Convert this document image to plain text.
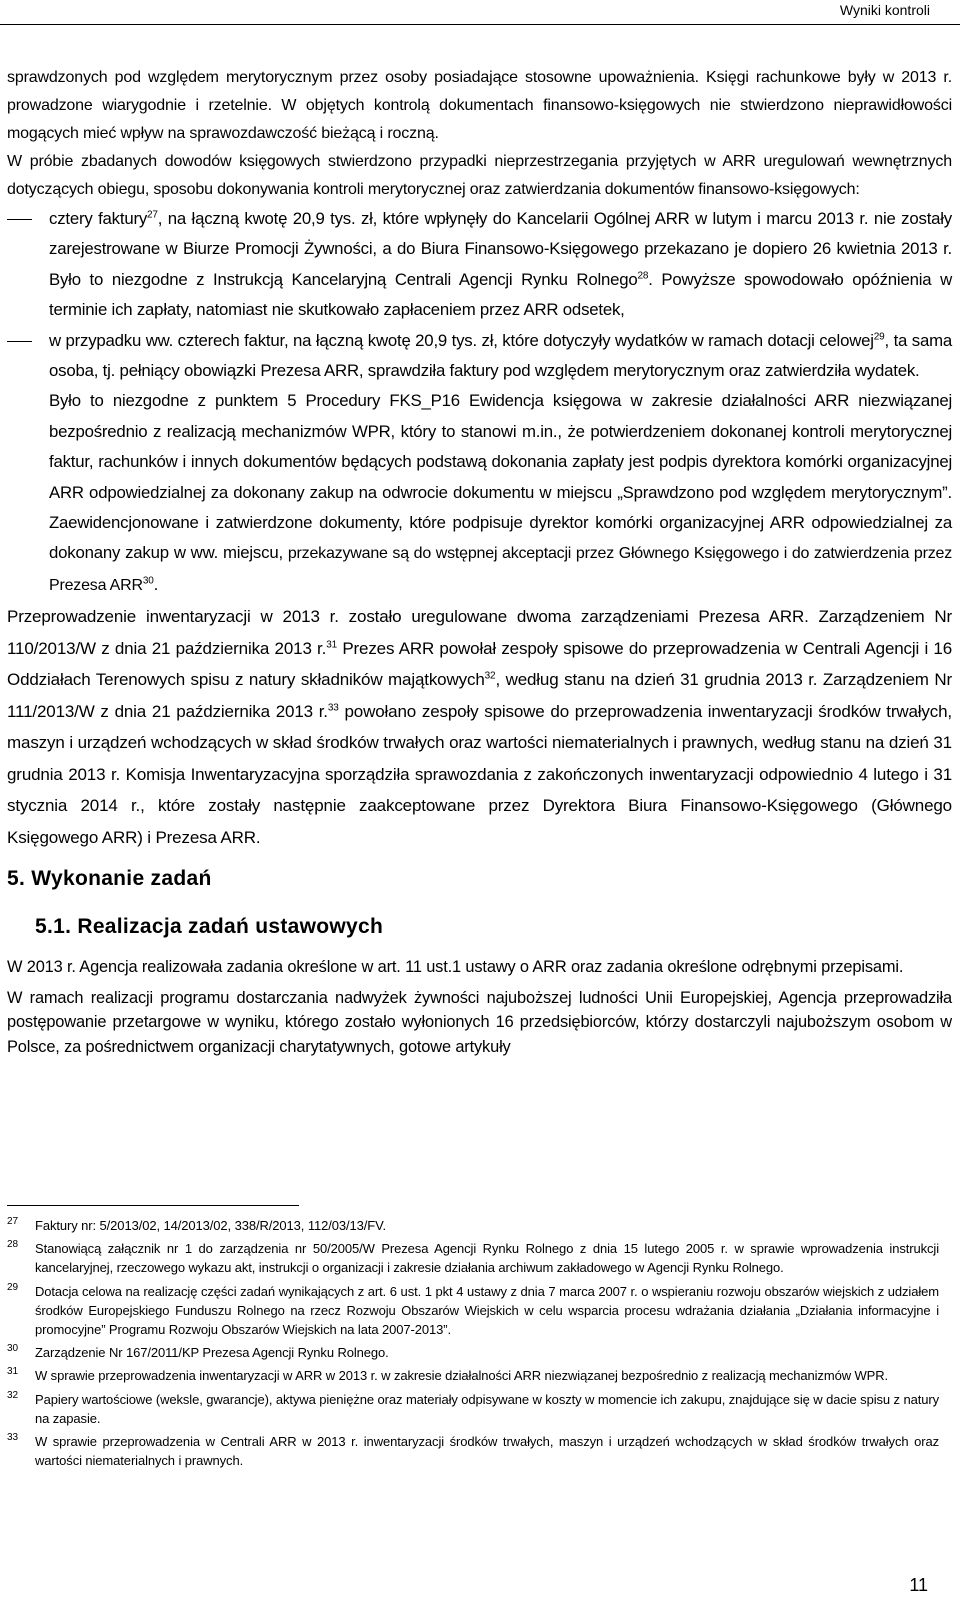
Wyniki kontroli

sprawdzonych pod względem merytorycznym przez osoby posiadające stosowne upoważnienia. Księgi rachunkowe były w 2013 r. prowadzone wiarygodnie i rzetelnie. W objętych kontrolą dokumentach finansowo-księgowych nie stwierdzono nieprawidłowości mogących mieć wpływ na sprawozdawczość bieżącą i roczną.

W próbie zbadanych dowodów księgowych stwierdzono przypadki nieprzestrzegania przyjętych w ARR uregulowań wewnętrznych dotyczących obiegu, sposobu dokonywania kontroli merytorycznej oraz zatwierdzania dokumentów finansowo-księgowych:

cztery faktury$^{27}$, na łączną kwotę 20,9 tys. zł, które wpłynęły do Kancelarii Ogólnej ARR w lutym i marcu 2013 r. nie zostały zarejestrowane w Biurze Promocji Żywności, a do Biura Finansowo-Księgowego przekazano je dopiero 26 kwietnia 2013 r. Było to niezgodne z Instrukcją Kancelaryjną Centrali Agencji Rynku Rolnego$^{28}$. Powyższe spowodowało opóźnienia w terminie ich zapłaty, natomiast nie skutkowało zapłaceniem przez ARR odsetek,

w przypadku ww. czterech faktur, na łączną kwotę 20,9 tys. zł, które dotyczyły wydatków w ramach dotacji celowej$^{29}$, ta sama osoba, tj. pełniący obowiązki Prezesa ARR, sprawdziła faktury pod względem merytorycznym oraz zatwierdziła wydatek.

Było to niezgodne z punktem 5 Procedury FKS_P16 Ewidencja księgowa w zakresie działalności ARR niezwiązanej bezpośrednio z realizacją mechanizmów WPR, który to stanowi m.in., że potwierdzeniem dokonanej kontroli merytorycznej faktur, rachunków i innych dokumentów będących podstawą dokonania zapłaty jest podpis dyrektora komórki organizacyjnej ARR odpowiedzialnej za dokonany zakup na odwrocie dokumentu w miejscu „Sprawdzono pod względem merytorycznym”. Zaewidencjonowane i zatwierdzone dokumenty, które podpisuje dyrektor komórki organizacyjnej ARR odpowiedzialnej za dokonany zakup w ww. miejscu, przekazywane są do wstępnej akceptacji przez Głównego Księgowego i do zatwierdzenia przez Prezesa ARR$^{30}$.

Przeprowadzenie inwentaryzacji w 2013 r. zostało uregulowane dwoma zarządzeniami Prezesa ARR. Zarządzeniem Nr 110/2013/W z dnia 21 października 2013 r.$^{31}$ Prezes ARR powołał zespoły spisowe do przeprowadzenia w Centrali Agencji i 16 Oddziałach Terenowych spisu z natury składników majątkowych$^{32}$, według stanu na dzień 31 grudnia 2013 r. Zarządzeniem Nr 111/2013/W z dnia 21 października 2013 r.$^{33}$ powołano zespoły spisowe do przeprowadzenia inwentaryzacji środków trwałych, maszyn i urządzeń wchodzących w skład środków trwałych oraz wartości niematerialnych i prawnych, według stanu na dzień 31 grudnia 2013 r. Komisja Inwentaryzacyjna sporządziła sprawozdania z zakończonych inwentaryzacji odpowiednio 4 lutego i 31 stycznia 2014 r., które zostały następnie zaakceptowane przez Dyrektora Biura Finansowo-Księgowego (Głównego Księgowego ARR) i Prezesa ARR.

5. Wykonanie zadań
5.1. Realizacja zadań ustawowych

W 2013 r. Agencja realizowała zadania określone w art. 11 ust.1 ustawy o ARR oraz zadania określone odrębnymi przepisami.

W ramach realizacji programu dostarczania nadwyżek żywności najuboższej ludności Unii Europejskiej, Agencja przeprowadziła postępowanie przetargowe w wyniku, którego zostało wyłonionych 16 przedsiębiorców, którzy dostarczyli najuboższym osobom w Polsce, za pośrednictwem organizacji charytatywnych, gotowe artykuły

27 Faktury nr: 5/2013/02, 14/2013/02, 338/R/2013, 112/03/13/FV.

28 Stanowiącą załącznik nr 1 do zarządzenia nr 50/2005/W Prezesa Agencji Rynku Rolnego z dnia 15 lutego 2005 r. w sprawie wprowadzenia instrukcji kancelaryjnej, rzeczowego wykazu akt, instrukcji o organizacji i zakresie działania archiwum zakładowego w Agencji Rynku Rolnego.

29 Dotacja celowa na realizację części zadań wynikających z art. 6 ust. 1 pkt 4 ustawy z dnia 7 marca 2007 r. o wspieraniu rozwoju obszarów wiejskich z udziałem środków Europejskiego Funduszu Rolnego na rzecz Rozwoju Obszarów Wiejskich w celu wsparcia procesu wdrażania działania „Działania informacyjne i promocyjne” Programu Rozwoju Obszarów Wiejskich na lata 2007-2013”.

30 Zarządzenie Nr 167/2011/KP Prezesa Agencji Rynku Rolnego.

31 W sprawie przeprowadzenia inwentaryzacji w ARR w 2013 r. w zakresie działalności ARR niezwiązanej bezpośrednio z realizacją mechanizmów WPR.

32 Papiery wartościowe (weksle, gwarancje), aktywa pieniężne oraz materiały odpisywane w koszty w momencie ich zakupu, znajdujące się w dacie spisu z natury na zapasie.

33 W sprawie przeprowadzenia w Centrali ARR w 2013 r. inwentaryzacji środków trwałych, maszyn i urządzeń wchodzących w skład środków trwałych oraz wartości niematerialnych i prawnych.

11
